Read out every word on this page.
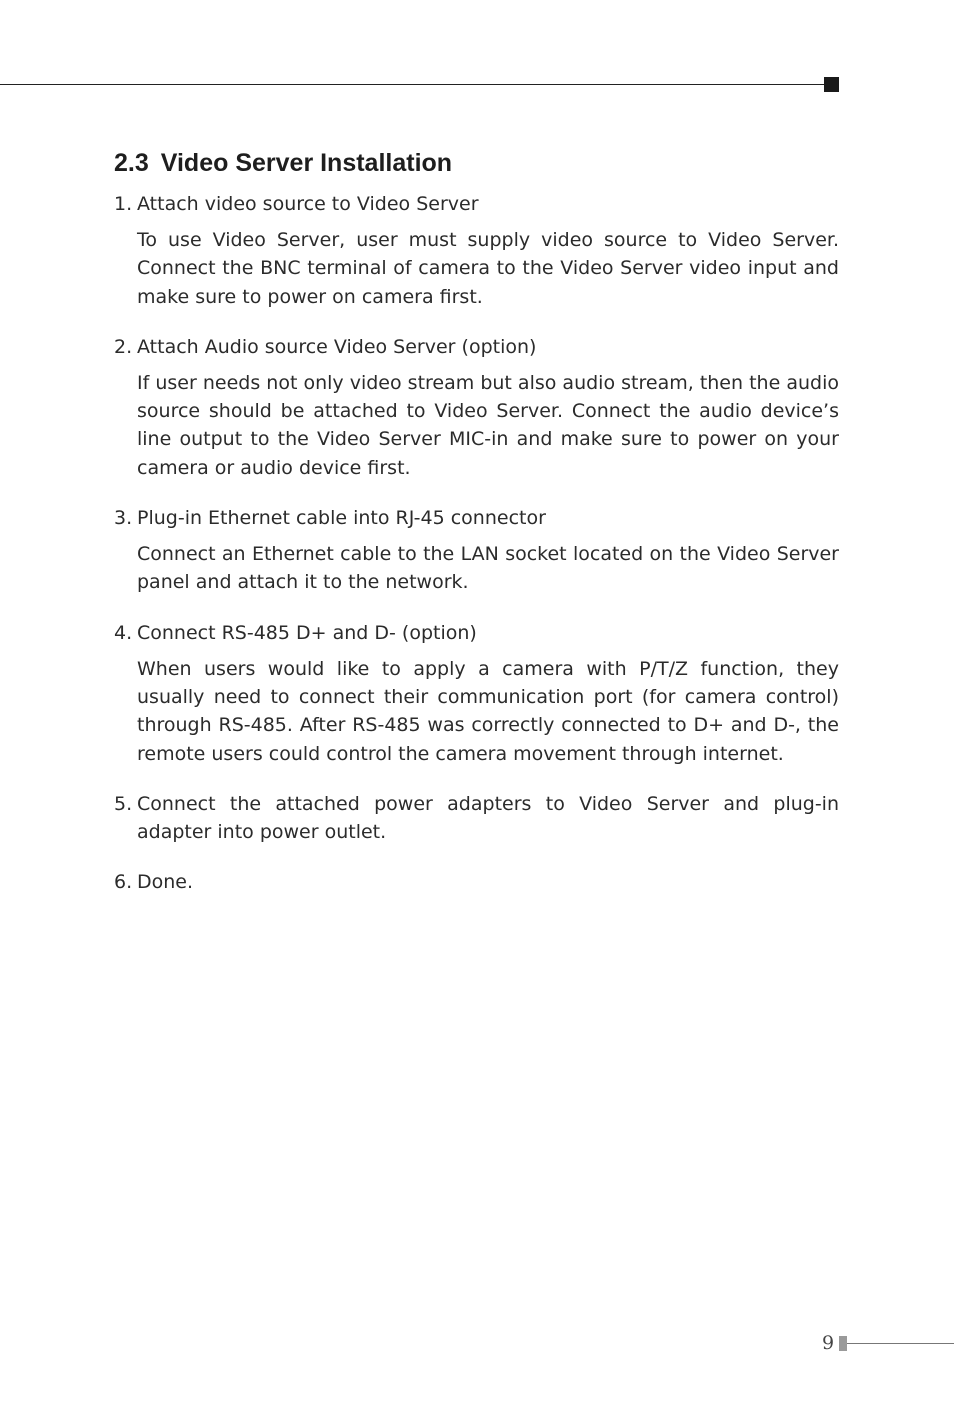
2.3 Video Server Installation
1. Attach video source to Video Server

To use Video Server, user must supply video source to Video Server. Connect the BNC terminal of camera to the Video Server video input and make sure to power on camera first.

2. Attach Audio source Video Server (option)

If user needs not only video stream but also audio stream, then the audio source should be attached to Video Server. Connect the audio device’s line output to the Video Server MIC-in and make sure to power on your camera or audio device first.

3. Plug-in Ethernet cable into RJ-45 connector

Connect an Ethernet cable to the LAN socket located on the Video Server panel and attach it to the network.

4. Connect RS-485 D+ and D- (option)

When users would like to apply a camera with P/T/Z function, they usually need to connect their communication port (for camera control) through RS-485. After RS-485 was correctly connected to D+ and D-, the remote users could control the camera movement through internet.

5. Connect the attached power adapters to Video Server and plug-in adapter into power outlet.

6. Done.

9
